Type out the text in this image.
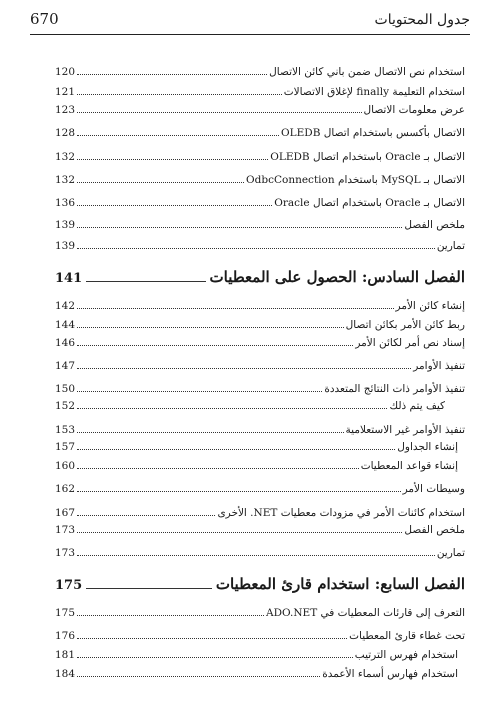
جدول المحتويات
670
استخدام نص الاتصال ضمن باني كائن الاتصال
120
استخدام التعليمة finally لإغلاق الاتصالات
121
عرض معلومات الاتصال
123
الاتصال بأكسس باستخدام اتصال OLEDB
128
الاتصال بـ Oracle باستخدام اتصال OLEDB
132
الاتصال بـ MySQL باستخدام OdbcConnection
132
الاتصال بـ Oracle باستخدام اتصال Oracle
136
ملخص الفصل
139
تمارين
139
الفصل السادس: الحصول على المعطيات
141
إنشاء كائن الأمر
142
ربط كائن الأمر بكائن اتصال
144
إسناد نص أمر لكائن الأمر
146
تنفيذ الأوامر
147
تنفيذ الأوامر ذات النتائج المتعددة
150
كيف يتم ذلك
152
تنفيذ الأوامر غير الاستعلامية
153
إنشاء الجداول
157
إنشاء قواعد المعطيات
160
وسيطات الأمر
162
استخدام كائنات الأمر في مزودات معطيات NET. الأخرى
167
ملخص الفصل
173
تمارين
173
الفصل السابع: استخدام قارئ المعطيات
175
التعرف إلى قارئات المعطيات في ADO.NET
175
تحت غطاء قارئ المعطيات
176
استخدام فهرس الترتيب
181
استخدام فهارس أسماء الأعمدة
184
